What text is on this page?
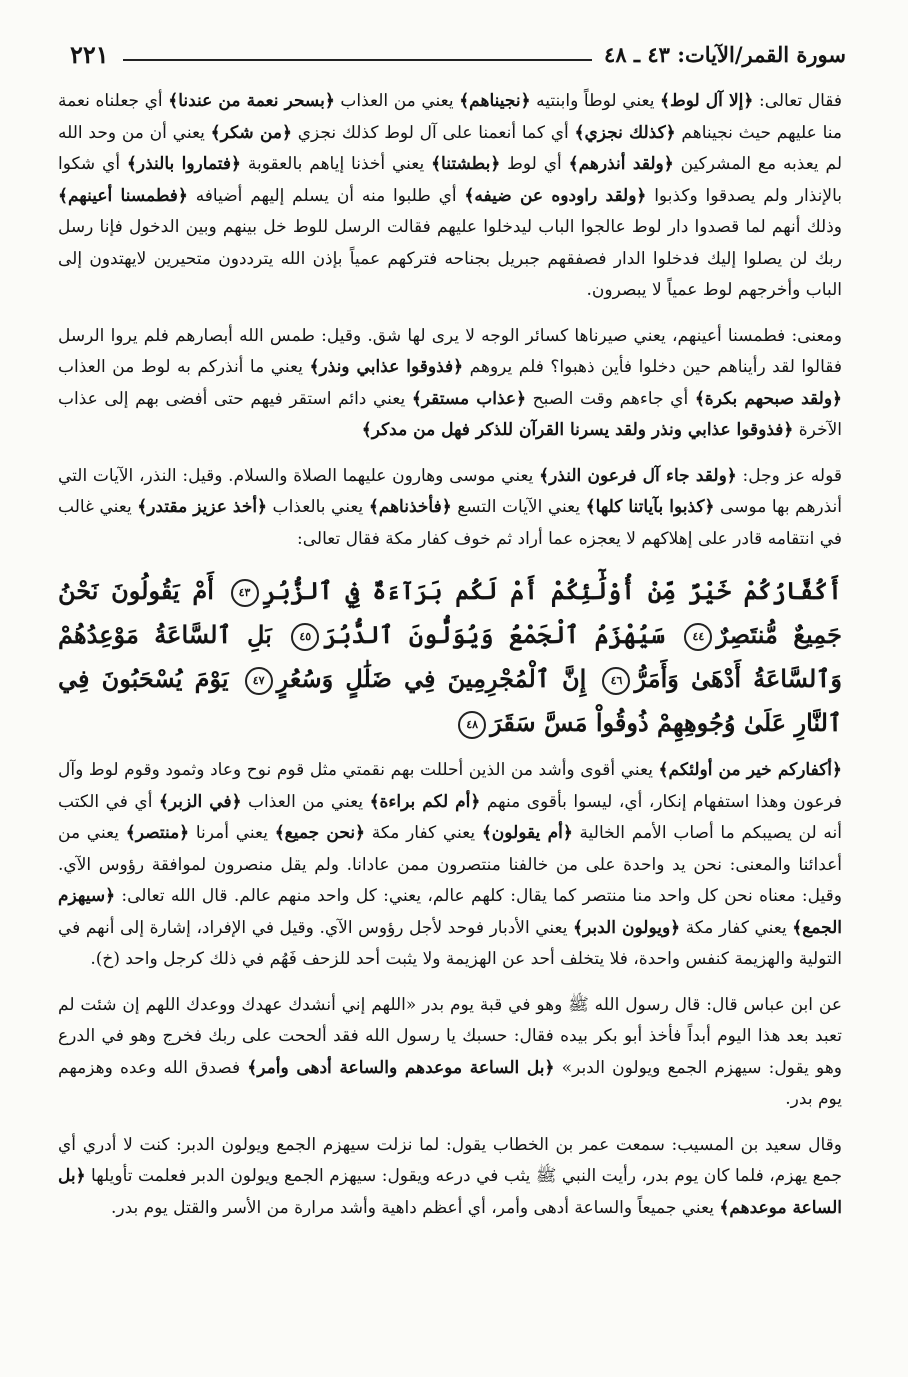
سورة القمر/الآيات: ٤٣ ـ ٤٨
٢٢١

فقال تعالى: ﴿إلا آل لوط﴾ يعني لوطاً وابنتيه ﴿نجيناهم﴾ يعني من العذاب ﴿بسحر نعمة من عندنا﴾ أي جعلناه نعمة منا عليهم حيث نجيناهم ﴿كذلك نجزي﴾ أي كما أنعمنا على آل لوط كذلك نجزي ﴿من شكر﴾ يعني أن من وحد الله لم يعذبه مع المشركين ﴿ولقد أنذرهم﴾ أي لوط ﴿بطشتنا﴾ يعني أخذنا إياهم بالعقوبة ﴿فتماروا بالنذر﴾ أي شكوا بالإنذار ولم يصدقوا وكذبوا ﴿ولقد راودوه عن ضيفه﴾ أي طلبوا منه أن يسلم إليهم أضيافه ﴿فطمسنا أعينهم﴾ وذلك أنهم لما قصدوا دار لوط عالجوا الباب ليدخلوا عليهم فقالت الرسل للوط خل بينهم وبين الدخول فإنا رسل ربك لن يصلوا إليك فدخلوا الدار فصفقهم جبريل بجناحه فتركهم عمياً بإذن الله يترددون متحيرين لايهتدون إلى الباب وأخرجهم لوط عمياً لا يبصرون.

ومعنى: فطمسنا أعينهم، يعني صيرناها كسائر الوجه لا يرى لها شق. وقيل: طمس الله أبصارهم فلم يروا الرسل فقالوا لقد رأيناهم حين دخلوا فأين ذهبوا؟ فلم يروهم ﴿فذوقوا عذابي ونذر﴾ يعني ما أنذركم به لوط من العذاب ﴿ولقد صبحهم بكرة﴾ أي جاءهم وقت الصبح ﴿عذاب مستقر﴾ يعني دائم استقر فيهم حتى أفضى بهم إلى عذاب الآخرة ﴿فذوقوا عذابي ونذر ولقد يسرنا القرآن للذكر فهل من مدكر﴾

قوله عز وجل: ﴿ولقد جاء آل فرعون النذر﴾ يعني موسى وهارون عليهما الصلاة والسلام. وقيل: النذر، الآيات التي أنذرهم بها موسى ﴿كذبوا بآياتنا كلها﴾ يعني الآيات التسع ﴿فأخذناهم﴾ يعني بالعذاب ﴿أخذ عزيز مقتدر﴾ يعني غالب في انتقامه قادر على إهلاكهم لا يعجزه عما أراد ثم خوف كفار مكة فقال تعالى:

أَكُفَّارُكُمْ خَيْرٌ مِّنْ أُوْلَٰٓئِكُمْ أَمْ لَكُم بَرَآءَةٌ فِي ٱلزُّبُرِ٤٣ أَمْ يَقُولُونَ نَحْنُ جَمِيعٌ مُّنتَصِرٌ٤٤ سَيُهْزَمُ ٱلْجَمْعُ وَيُوَلُّونَ ٱلدُّبُرَ٤٥ بَلِ ٱلسَّاعَةُ مَوْعِدُهُمْ وَٱلسَّاعَةُ أَدْهَىٰ وَأَمَرُّ٤٦ إِنَّ ٱلْمُجْرِمِينَ فِي ضَلَٰلٍ وَسُعُرٍ٤٧ يَوْمَ يُسْحَبُونَ فِي ٱلنَّارِ عَلَىٰ وُجُوهِهِمْ ذُوقُواْ مَسَّ سَقَرَ٤٨

﴿أكفاركم خير من أولئكم﴾ يعني أقوى وأشد من الذين أحللت بهم نقمتي مثل قوم نوح وعاد وثمود وقوم لوط وآل فرعون وهذا استفهام إنكار، أي، ليسوا بأقوى منهم ﴿أم لكم براءة﴾ يعني من العذاب ﴿في الزبر﴾ أي في الكتب أنه لن يصيبكم ما أصاب الأمم الخالية ﴿أم يقولون﴾ يعني كفار مكة ﴿نحن جميع﴾ يعني أمرنا ﴿منتصر﴾ يعني من أعدائنا والمعنى: نحن يد واحدة على من خالفنا منتصرون ممن عادانا. ولم يقل منصرون لموافقة رؤوس الآي. وقيل: معناه نحن كل واحد منا منتصر كما يقال: كلهم عالم، يعني: كل واحد منهم عالم. قال الله تعالى: ﴿سيهزم الجمع﴾ يعني كفار مكة ﴿ويولون الدبر﴾ يعني الأدبار فوحد لأجل رؤوس الآي. وقيل في الإفراد، إشارة إلى أنهم في التولية والهزيمة كنفس واحدة، فلا يتخلف أحد عن الهزيمة ولا يثبت أحد للزحف فَهُم في ذلك كرجل واحد (خ).

عن ابن عباس قال: قال رسول الله ﷺ وهو في قبة يوم بدر «اللهم إني أنشدك عهدك ووعدك اللهم إن شئت لم تعبد بعد هذا اليوم أبداً فأخذ أبو بكر بيده فقال: حسبك يا رسول الله فقد ألححت على ربك فخرج وهو في الدرع وهو يقول: سيهزم الجمع ويولون الدبر» ﴿بل الساعة موعدهم والساعة أدهى وأمر﴾ فصدق الله وعده وهزمهم يوم بدر.

وقال سعيد بن المسيب: سمعت عمر بن الخطاب يقول: لما نزلت سيهزم الجمع ويولون الدبر: كنت لا أدري أي جمع يهزم، فلما كان يوم بدر، رأيت النبي ﷺ يثب في درعه ويقول: سيهزم الجمع ويولون الدبر فعلمت تأويلها ﴿بل الساعة موعدهم﴾ يعني جميعاً والساعة أدهى وأمر، أي أعظم داهية وأشد مرارة من الأسر والقتل يوم بدر.
